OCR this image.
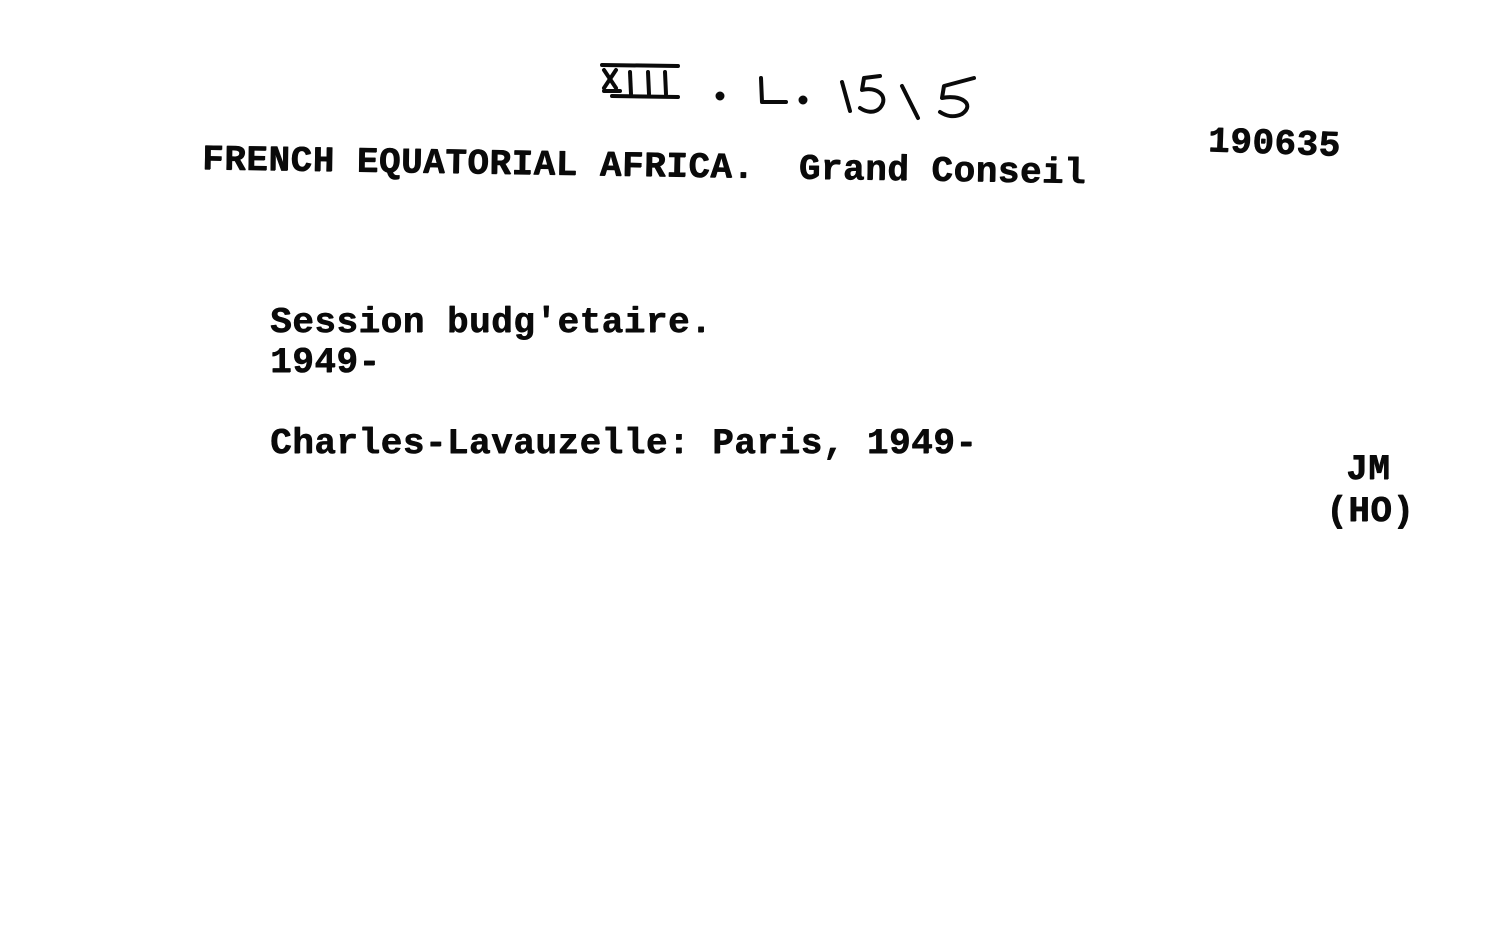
FRENCH EQUATORIAL AFRICA.  Grand Conseil	190635
Session budg'etaire.
1949-
Charles-Lavauzelle: Paris, 1949-
JM
(HO)
